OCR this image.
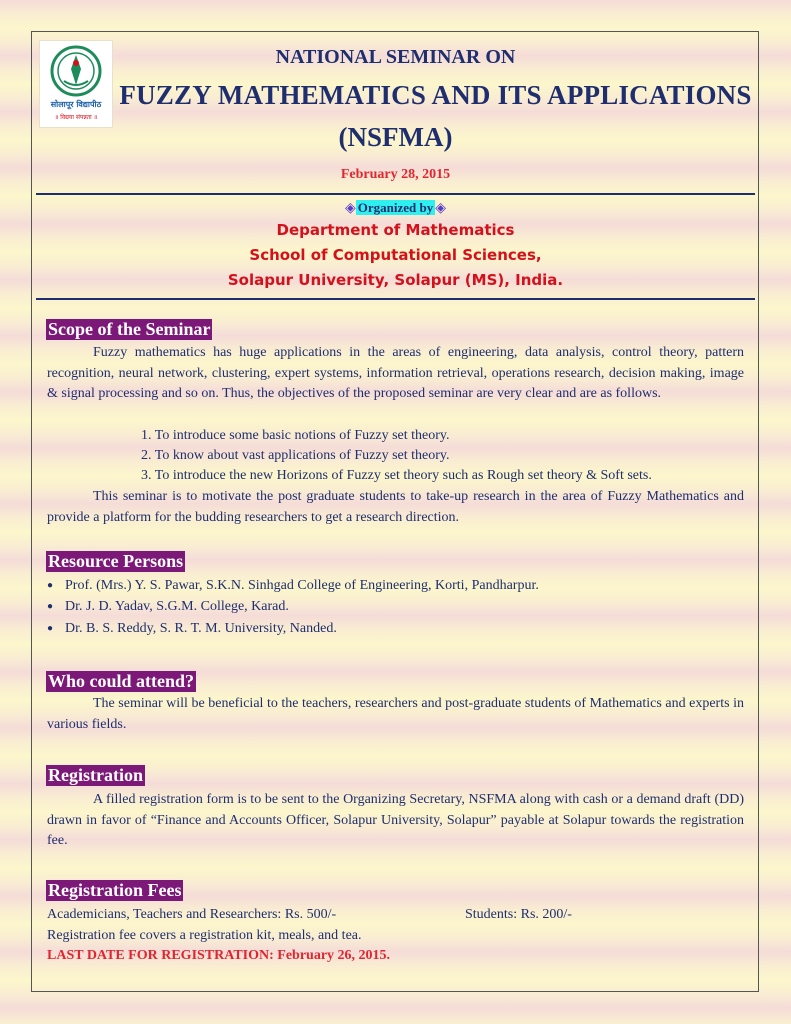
सोलापूर विद्यापीठ
॥ विद्यया संपन्नता ॥
NATIONAL SEMINAR ON
FUZZY MATHEMATICS AND ITS APPLICATIONS
(NSFMA)
February 28, 2015
◈ Organized by ◈
Department of Mathematics
School of Computational Sciences,
Solapur University, Solapur (MS), India.
Scope of the Seminar

Fuzzy mathematics has huge applications in the areas of engineering, data analysis, control theory, pattern recognition, neural network, clustering, expert systems, information retrieval, operations research, decision making, image & signal processing and so on. Thus, the objectives of the proposed seminar are very clear and are as follows.

1. To introduce some basic notions of Fuzzy set theory.
2. To know about vast applications of Fuzzy set theory.
3. To introduce the new Horizons of Fuzzy set theory such as Rough set theory & Soft sets.

This seminar is to motivate the post graduate students to take-up research in the area of Fuzzy Mathematics and provide a platform for the budding researchers to get a research direction.

Resource Persons
● Prof. (Mrs.) Y. S. Pawar, S.K.N. Sinhgad College of Engineering, Korti, Pandharpur.
● Dr. J. D. Yadav, S.G.M. College, Karad.
● Dr. B. S. Reddy, S. R. T. M. University, Nanded.
Who could attend?

The seminar will be beneficial to the teachers, researchers and post-graduate students of Mathematics and experts in various fields.

Registration

A filled registration form is to be sent to the Organizing Secretary, NSFMA along with cash or a demand draft (DD) drawn in favor of “Finance and Accounts Officer, Solapur University, Solapur” payable at Solapur towards the registration fee.

Registration Fees
Academicians, Teachers and Researchers: Rs. 500/-	Students: Rs. 200/-
Registration fee covers a registration kit, meals, and tea.
LAST DATE FOR REGISTRATION: February 26, 2015.
